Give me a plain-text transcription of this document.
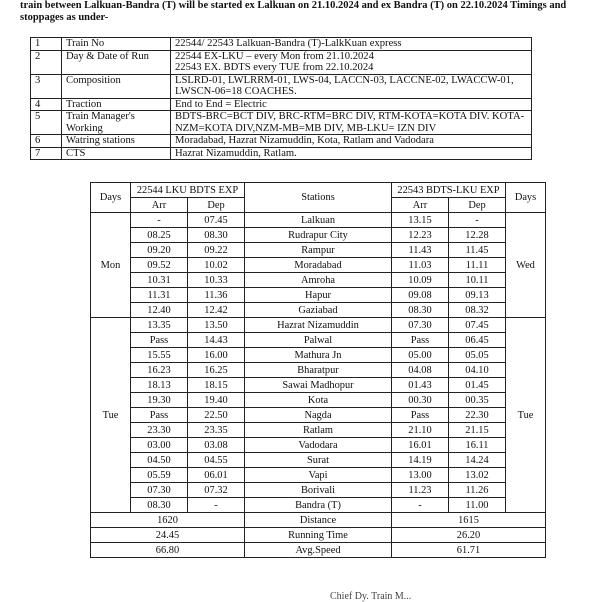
train between Lalkuan-Bandra (T) will be started ex Lalkuan on 21.10.2024 and ex Bandra (T) on 22.10.2024 Timings and stoppages as under-
1	Train No	22544/ 22543 Lalkuan-Bandra (T)-LalkKuan express
2	Day & Date of Run	22544 EX-LKU – every Mon from 21.10.2024
22543 EX. BDTS every TUE from 22.10.2024
3	Composition	LSLRD-01, LWLRRM-01, LWS-04, LACCN-03, LACCNE-02, LWACCW-01, LWSCN-06=18 COACHES.
4	Traction	End to End = Electric
5	Train Manager's Working	BDTS-BRC=BCT DIV, BRC-RTM=BRC DIV, RTM-KOTA=KOTA DIV. KOTA-NZM=KOTA DIV,NZM-MB=MB DIV, MB-LKU= IZN DIV
6	Watring stations	Moradabad, Hazrat Nizamuddin, Kota, Ratlam and Vadodara
7	CTS	Hazrat Nizamuddin, Ratlam.
Days	22544 LKU BDTS EXP		Stations	22543 BDTS-LKU EXP		Days
	Arr	Dep		Arr	Dep	
Mon	-	07.45	Lalkuan	13.15	-	Wed
	08.25	08.30	Rudrapur City	12.23	12.28	
	09.20	09.22	Rampur	11.43	11.45	
	09.52	10.02	Moradabad	11.03	11.11	
	10.31	10.33	Amroha	10.09	10.11	
	11.31	11.36	Hapur	09.08	09.13	
	12.40	12.42	Gaziabad	08.30	08.32	
Tue	13.35	13.50	Hazrat Nizamuddin	07.30	07.45	Tue
	Pass	14.43	Palwal	Pass	06.45	
	15.55	16.00	Mathura Jn	05.00	05.05	
	16.23	16.25	Bharatpur	04.08	04.10	
	18.13	18.15	Sawai Madhopur	01.43	01.45	
	19.30	19.40	Kota	00.30	00.35	
	Pass	22.50	Nagda	Pass	22.30	
	23.30	23.35	Ratlam	21.10	21.15	
	03.00	03.08	Vadodara	16.01	16.11	
	04.50	04.55	Surat	14.19	14.24	
	05.59	06.01	Vapi	13.00	13.02	
	07.30	07.32	Borivali	11.23	11.26	
	08.30	-	Bandra (T)	-	11.00	
1620			Distance	1615		
24.45			Running Time	26.20		
66.80			Avg.Speed	61.71		
Chief Dy. Train M...
